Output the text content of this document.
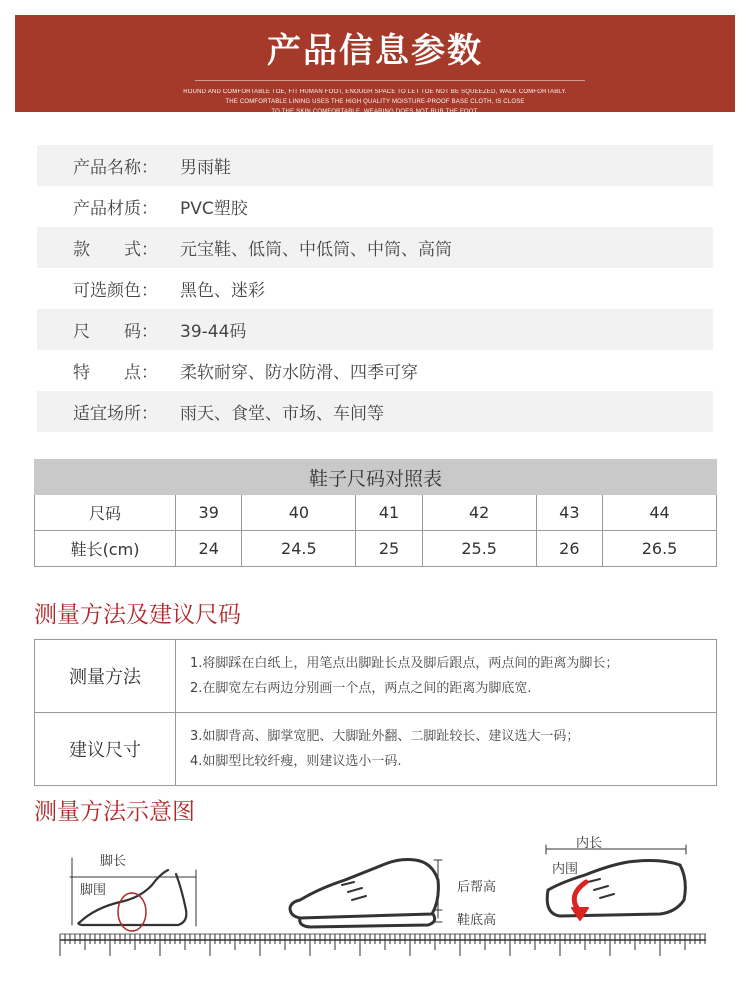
产品信息参数
ROUND AND COMFORTABLE TOE, FIT HUMAN FOOT, ENOUGH SPACE TO LET TOE NOT BE SQUEEZED, WALK COMFORTABLY.
THE COMFORTABLE LINING USES THE HIGH QUALITY MOISTURE-PROOF BASE CLOTH, IS CLOSE
TO THE SKIN COMFORTABLE, WEARING DOES NOT RUB THE FOOT.
产品名称：	男雨鞋
产品材质：	PVC塑胶
款　　式：	元宝鞋、低筒、中低筒、中筒、高筒
可选颜色：	黑色、迷彩
尺　　码：	39-44码
特　　点：	柔软耐穿、防水防滑、四季可穿
适宜场所：	雨天、食堂、市场、车间等
鞋子尺码对照表						
尺码	39	40	41	42	43	44
鞋长(cm)	24	24.5	25	25.5	26	26.5
测量方法及建议尺码
测量方法	1.将脚踩在白纸上，用笔点出脚趾长点及脚后跟点，两点间的距离为脚长；
2.在脚宽左右两边分别画一个点，两点之间的距离为脚底宽.

建议尺寸	3.如脚背高、脚掌宽肥、大脚趾外翻、二脚趾较长、建议选大一码；
4.如脚型比较纤瘦，则建议选小一码.
测量方法示意图
脚长
脚围	后帮高
鞋底高
内长
内围
